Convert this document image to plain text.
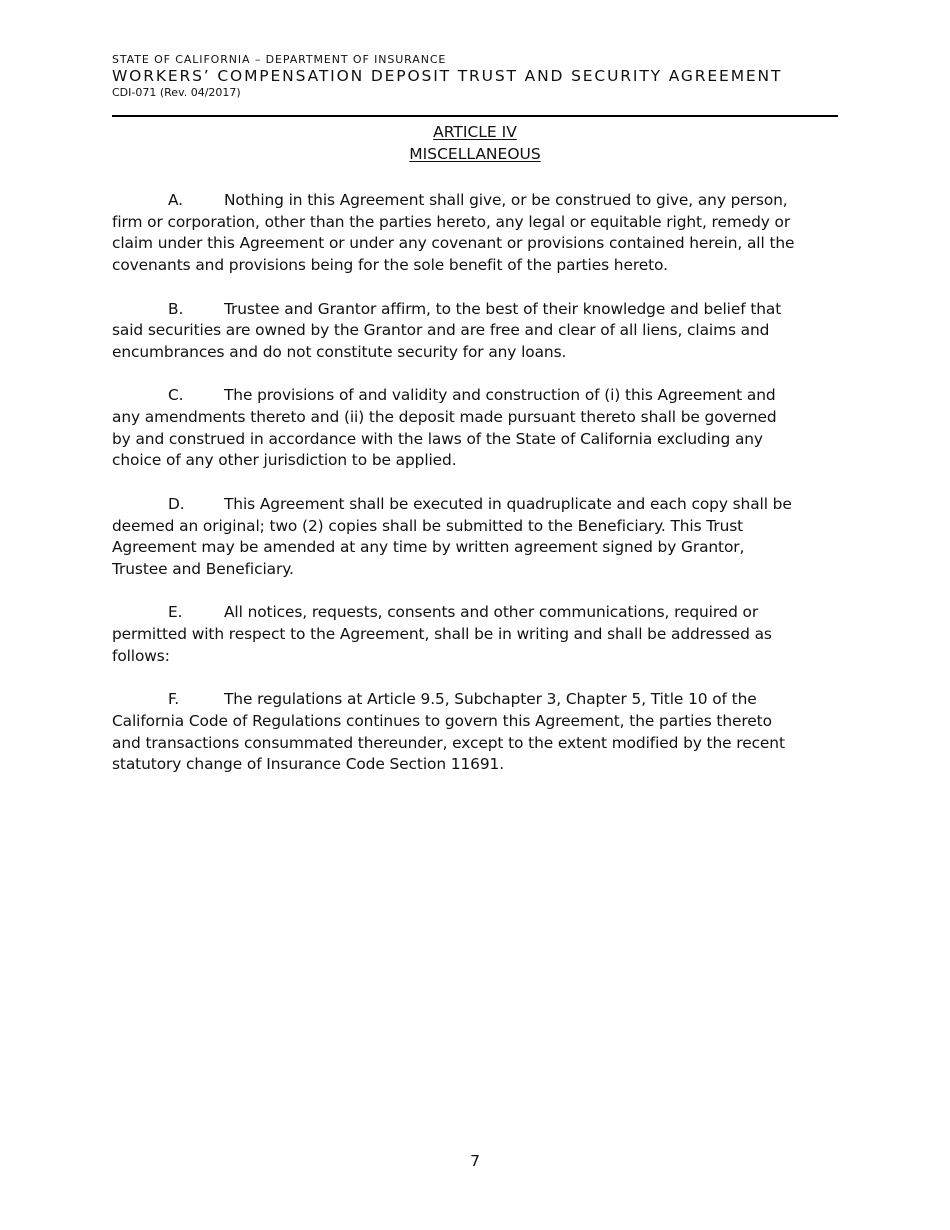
STATE OF CALIFORNIA – DEPARTMENT OF INSURANCE
WORKERS’ COMPENSATION DEPOSIT TRUST AND SECURITY AGREEMENT
CDI-071 (Rev. 04/2017)
ARTICLE IV
MISCELLANEOUS

A.	Nothing in this Agreement shall give, or be construed to give, any person,
firm or corporation, other than the parties hereto, any legal or equitable right, remedy or
claim under this Agreement or under any covenant or provisions contained herein, all the
covenants and provisions being for the sole benefit of the parties hereto.

B.	Trustee and Grantor affirm, to the best of their knowledge and belief that
said securities are owned by the Grantor and are free and clear of all liens, claims and
encumbrances and do not constitute security for any loans.

C.	The provisions of and validity and construction of (i) this Agreement and
any amendments thereto and (ii) the deposit made pursuant thereto shall be governed
by and construed in accordance with the laws of the State of California excluding any
choice of any other jurisdiction to be applied.

D.	This Agreement shall be executed in quadruplicate and each copy shall be
deemed an original; two (2) copies shall be submitted to the Beneficiary. This Trust
Agreement may be amended at any time by written agreement signed by Grantor,
Trustee and Beneficiary.

E.	All notices, requests, consents and other communications, required or
permitted with respect to the Agreement, shall be in writing and shall be addressed as
follows:

F.	The regulations at Article 9.5, Subchapter 3, Chapter 5, Title 10 of the
California Code of Regulations continues to govern this Agreement, the parties thereto
and transactions consummated thereunder, except to the extent modified by the recent
statutory change of Insurance Code Section 11691.

7
